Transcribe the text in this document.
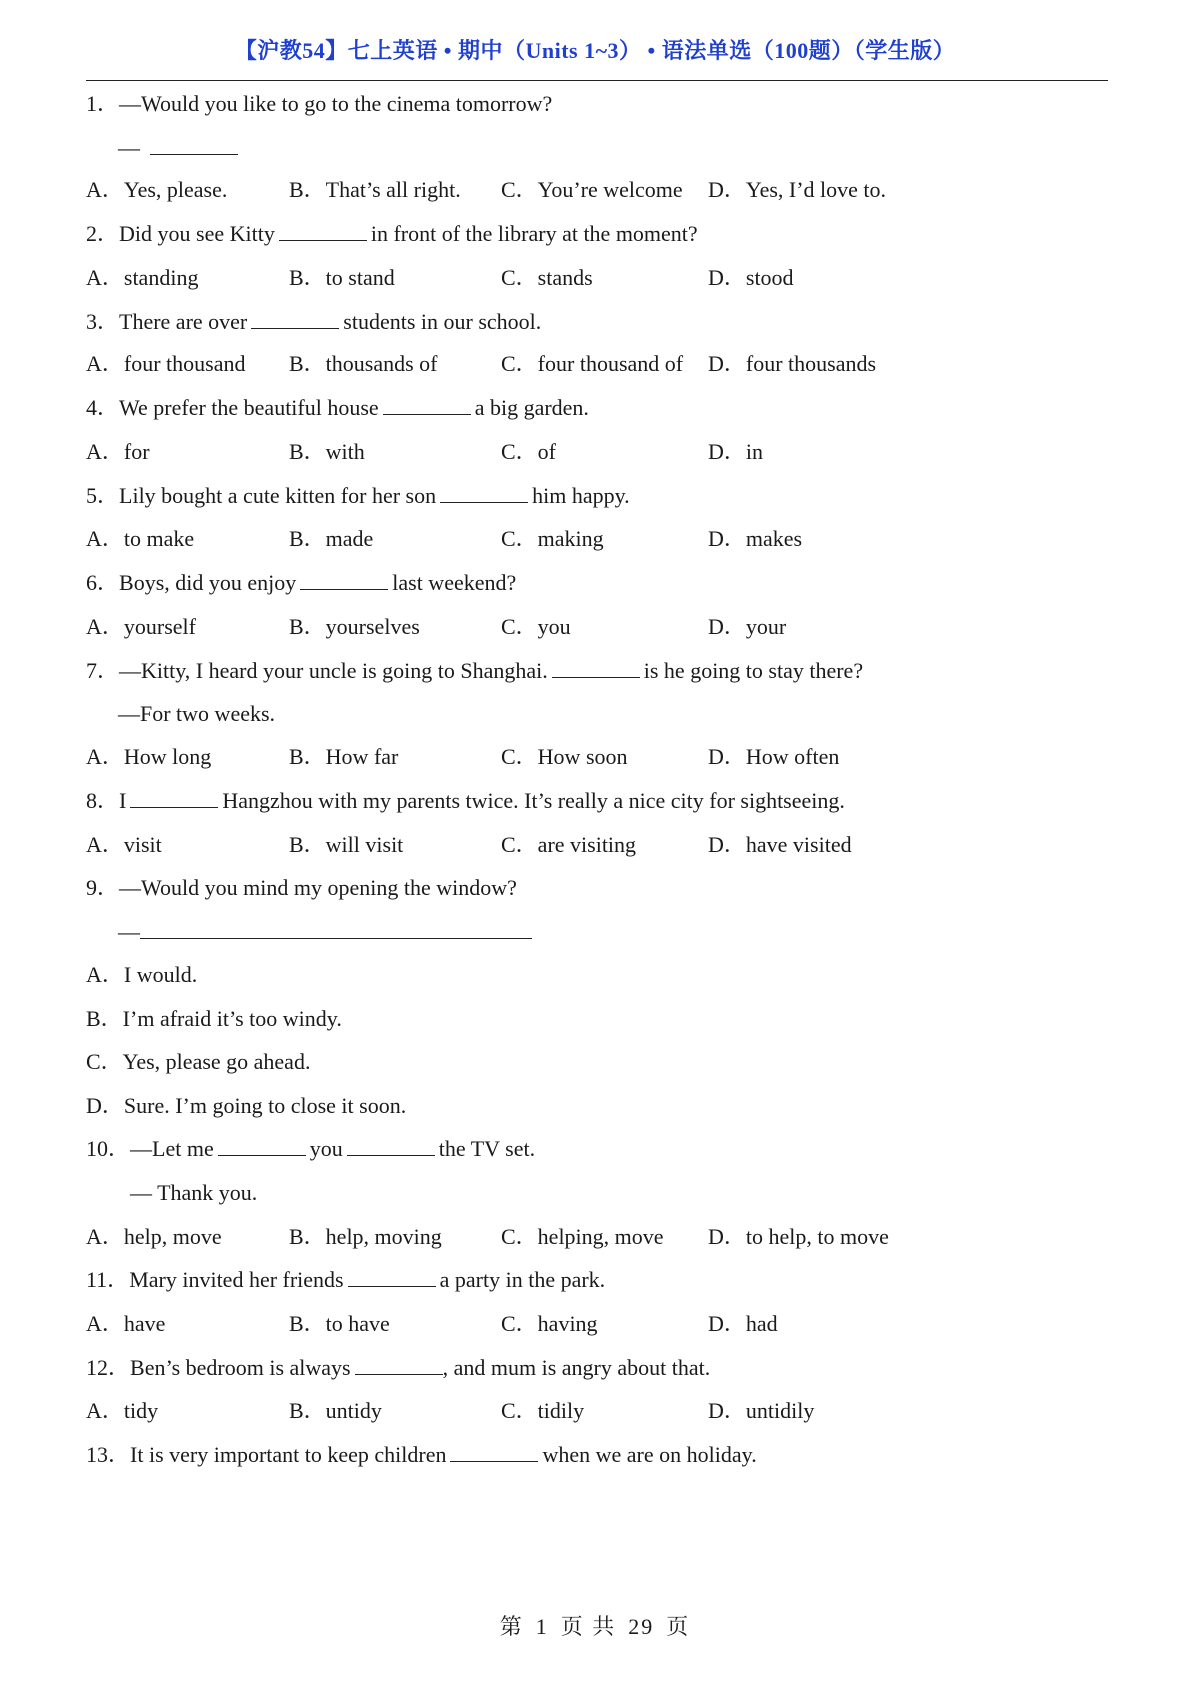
【沪教54】七上英语 • 期中（Units 1~3） • 语法单选（100题）（学生版）
1．—Would you like to go to the cinema tomorrow?
—
A．Yes, please.	B．That’s all right. C．You’re welcome D．Yes, I’d love to.
2．Did you see Kitty	in front of the library at the moment?
A．standing	B．to stand	C．stands	D．stood
3．There are over	students in our school.
A．four thousand B．thousands of	C．four thousand of D．four thousands
4．We prefer the beautiful house	a big garden.
A．for	B．with	C．of	D．in
5．Lily bought a cute kitten for her son	him happy.
A．to make	B．made	C．making	D．makes
6．Boys, did you enjoy	last weekend?
A．yourself	B．yourselves	C．you	D．your
7．—Kitty, I heard your uncle is going to Shanghai.	is he going to stay there?
—For two weeks.
A．How long	B．How far	C．How soon	D．How often
8．I	Hangzhou with my parents twice. It’s really a nice city for sightseeing.
A．visit	B．will visit	C．are visiting	D．have visited
9．—Would you mind my opening the window?
—
A．I would.
B．I’m afraid it’s too windy.
C．Yes, please go ahead.
D．Sure. I’m going to close it soon.
10．—Let me	you	the TV set.
— Thank you.
A．help, move	B．help, moving	C．helping, move D．to help, to move
11．Mary invited her friends	a party in the park.
A．have	B．to have	C．having	D．had
12．Ben’s bedroom is always	, and mum is angry about that.
A．tidy	B．untidy	C．tidily	D．untidily
13．It is very important to keep children	when we are on holiday.
第 1 页 共 29 页
